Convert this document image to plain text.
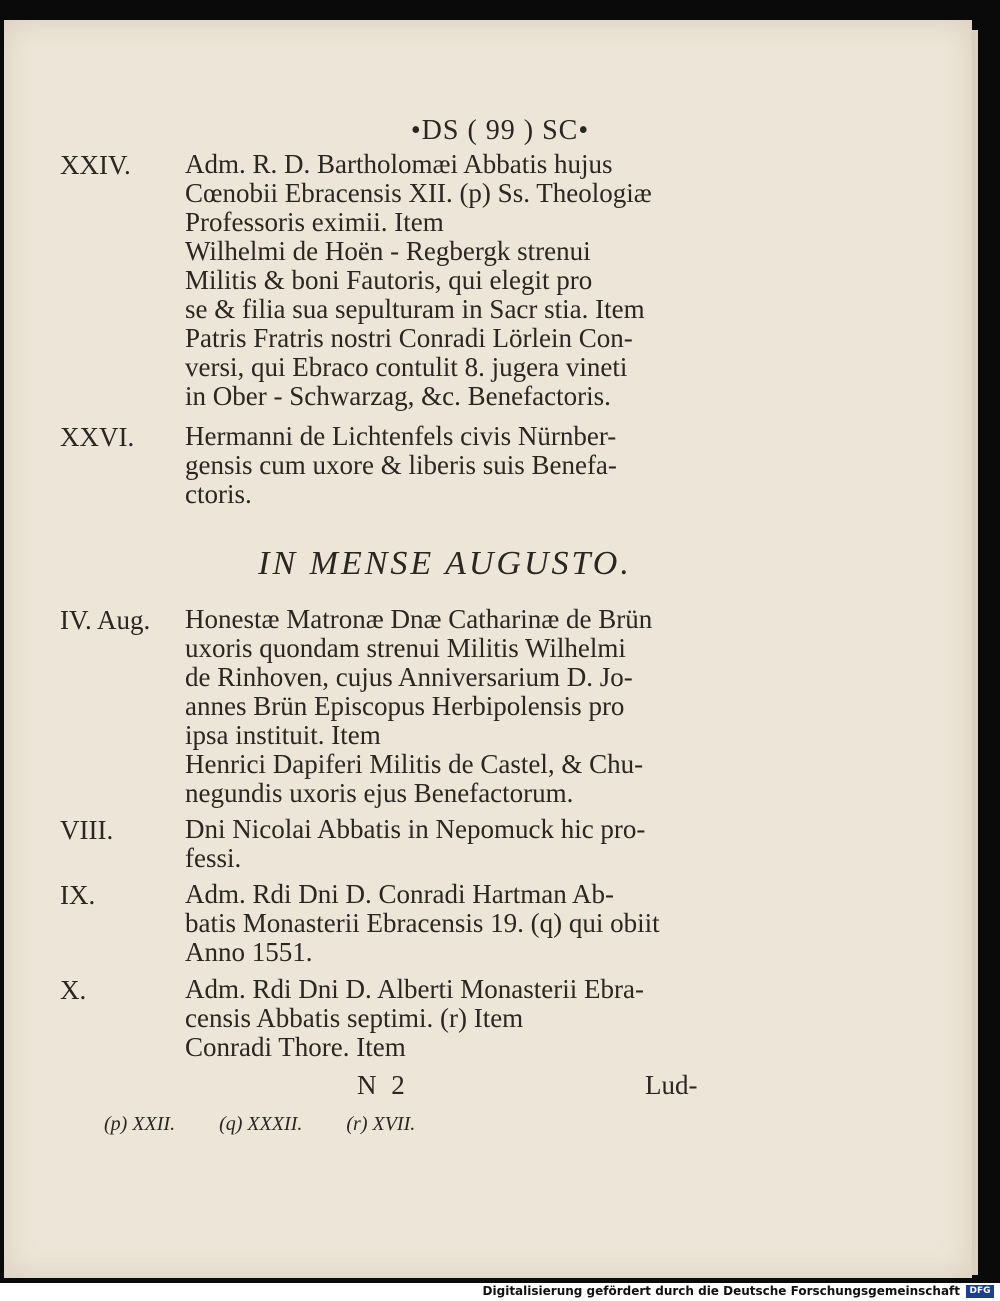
•DS ( 99 ) SC•
XXIV. Adm. R. D. Bartholomæi Abbatis hujus
Cœnobii Ebracensis XII. (p) Ss. Theologiæ
Professoris eximii. Item
Wilhelmi de Hoën - Regbergk strenui
Militis & boni Fautoris, qui elegit pro
se & filia sua sepulturam in Sacr stia. Item
Patris Fratris nostri Conradi Lörlein Con-
versi, qui Ebraco contulit 8. jugera vineti
in Ober - Schwarzag, &c. Benefactoris.
XXVI. Hermanni de Lichtenfels civis Nürnber-
gensis cum uxore & liberis suis Benefa-
ctoris.
IN MENSE AUGUSTO.
IV. Aug. Honestæ Matronæ Dnæ Catharinæ de Brün
uxoris quondam strenui Militis Wilhelmi
de Rinhoven, cujus Anniversarium D. Jo-
annes Brün Episcopus Herbipolensis pro
ipsa instituit. Item
Henrici Dapiferi Militis de Castel, & Chu-
negundis uxoris ejus Benefactorum.
VIII.	Dni Nicolai Abbatis in Nepomuck hic pro-
fessi.
IX.	Adm. Rdi Dni D. Conradi Hartman Ab-
batis Monasterii Ebracensis 19. (q) qui obiit
Anno 1551.
X.	Adm. Rdi Dni D. Alberti Monasterii Ebra-
censis Abbatis septimi. (r) Item
Conradi Thore. Item
N 2	Lud-
(p) XXII. (q) XXXII. (r) XVII.
Digitalisierung gefördert durch die Deutsche Forschungsgemeinschaft	DFG
